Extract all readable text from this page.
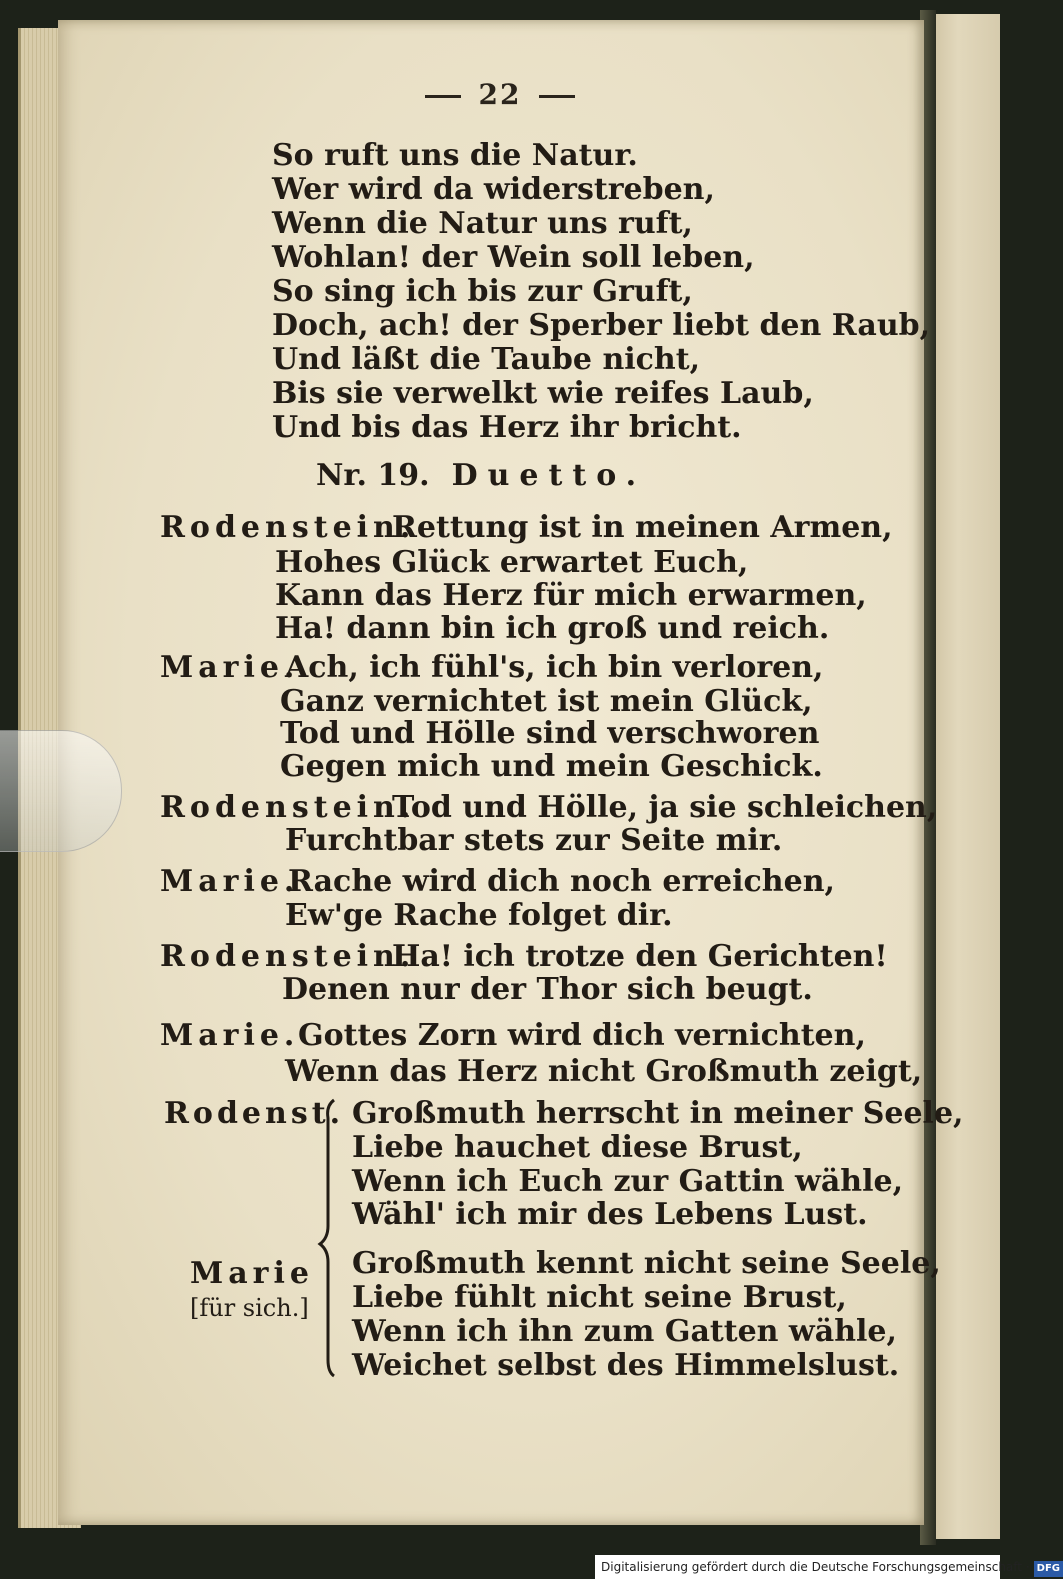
22
So ruft uns die Natur.
Wer wird da widerstreben,
Wenn die Natur uns ruft,
Wohlan! der Wein soll leben,
So sing ich bis zur Gruft,
Doch, ach! der Sperber liebt den Raub,
Und läßt die Taube nicht,
Bis sie verwelkt wie reifes Laub,
Und bis das Herz ihr bricht.
Nr. 19. Duetto.
Rodenstein.
Rettung ist in meinen Armen,
Hohes Glück erwartet Euch,
Kann das Herz für mich erwarmen,
Ha! dann bin ich groß und reich.
Marie.
Ach, ich fühl's, ich bin verloren,
Ganz vernichtet ist mein Glück,
Tod und Hölle sind verschworen
Gegen mich und mein Geschick.
Rodenstein.
Tod und Hölle, ja sie schleichen,
Furchtbar stets zur Seite mir.
Marie.
Rache wird dich noch erreichen,
Ew'ge Rache folget dir.
Rodenstein.
Ha! ich trotze den Gerichten!
Denen nur der Thor sich beugt.
Marie.
Gottes Zorn wird dich vernichten,
Wenn das Herz nicht Großmuth zeigt,
Rodenst. Großmuth herrscht in meiner Seele,
Liebe hauchet diese Brust,
Wenn ich Euch zur Gattin wähle,
Wähl' ich mir des Lebens Lust.
Marie
[für sich.]
Großmuth kennt nicht seine Seele,
Liebe fühlt nicht seine Brust,
Wenn ich ihn zum Gatten wähle,
Weichet selbst des Himmelslust.
Digitalisierung gefördert durch die Deutsche Forschungsgemeinschaft · DFG
